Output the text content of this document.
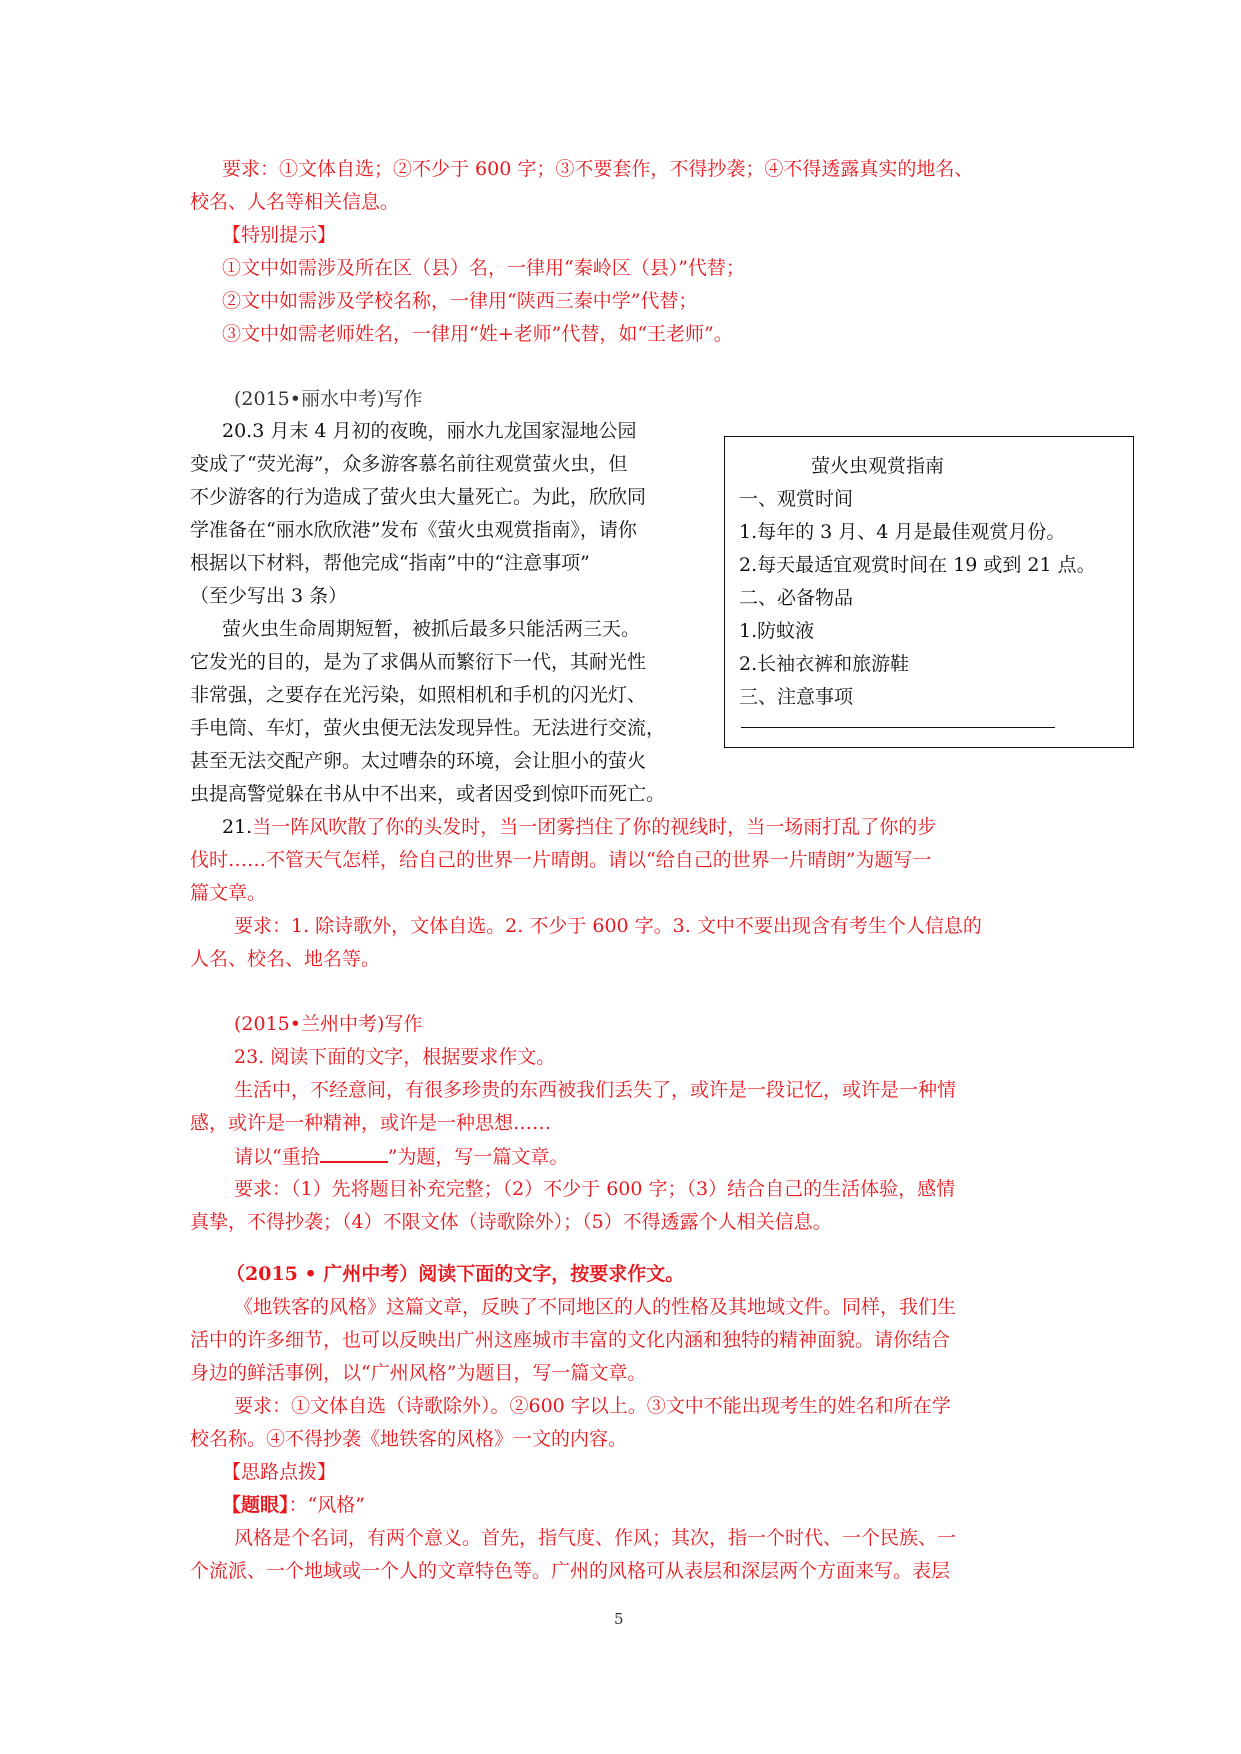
要求：①文体自选；②不少于 600 字；③不要套作，不得抄袭；④不得透露真实的地名、
校名、人名等相关信息。
【特别提示】
①文中如需涉及所在区（县）名，一律用“秦岭区（县）”代替；
②文中如需涉及学校名称，一律用“陕西三秦中学”代替；
③文中如需老师姓名，一律用“姓+老师”代替，如“王老师”。
(2015•丽水中考)写作
20.3 月末 4 月初的夜晚，丽水九龙国家湿地公园
变成了“荧光海”，众多游客慕名前往观赏萤火虫，但
不少游客的行为造成了萤火虫大量死亡。为此，欣欣同
学准备在“丽水欣欣港”发布《萤火虫观赏指南》，请你
根据以下材料，帮他完成“指南”中的“注意事项”
（至少写出 3 条）
萤火虫生命周期短暂，被抓后最多只能活两三天。
它发光的目的，是为了求偶从而繁衍下一代，其耐光性
非常强，之要存在光污染，如照相机和手机的闪光灯、
手电筒、车灯，萤火虫便无法发现异性。无法进行交流，
甚至无法交配产卵。太过嘈杂的环境，会让胆小的萤火
虫提高警觉躲在书从中不出来，或者因受到惊吓而死亡。
萤火虫观赏指南
一、观赏时间
1.每年的 3 月、4 月是最佳观赏月份。
2.每天最适宜观赏时间在 19 或到 21 点。
二、必备物品
1.防蚊液
2.长袖衣裤和旅游鞋
三、注意事项
21.当一阵风吹散了你的头发时，当一团雾挡住了你的视线时，当一场雨打乱了你的步
伐时……不管天气怎样，给自己的世界一片晴朗。请以“给自己的世界一片晴朗”为题写一
篇文章。
要求：1. 除诗歌外，文体自选。2. 不少于 600 字。3. 文中不要出现含有考生个人信息的
人名、校名、地名等。
(2015•兰州中考)写作
23. 阅读下面的文字，根据要求作文。
生活中，不经意间，有很多珍贵的东西被我们丢失了，或许是一段记忆，或许是一种情
感，或许是一种精神，或许是一种思想……
请以“重拾	”为题，写一篇文章。
要求：（1）先将题目补充完整；（2）不少于 600 字；（3）结合自己的生活体验，感情
真挚，不得抄袭；（4）不限文体（诗歌除外）；（5）不得透露个人相关信息。
（2015 • 广州中考）阅读下面的文字，按要求作文。
《地铁客的风格》这篇文章，反映了不同地区的人的性格及其地域文件。同样，我们生
活中的许多细节，也可以反映出广州这座城市丰富的文化内涵和独特的精神面貌。请你结合
身边的鲜活事例，以“广州风格”为题目，写一篇文章。
要求：①文体自选（诗歌除外）。②600 字以上。③文中不能出现考生的姓名和所在学
校名称。④不得抄袭《地铁客的风格》一文的内容。
【思路点拨】
【题眼】：“风格”
风格是个名词，有两个意义。首先，指气度、作风；其次，指一个时代、一个民族、一
个流派、一个地域或一个人的文章特色等。广州的风格可从表层和深层两个方面来写。表层
5
